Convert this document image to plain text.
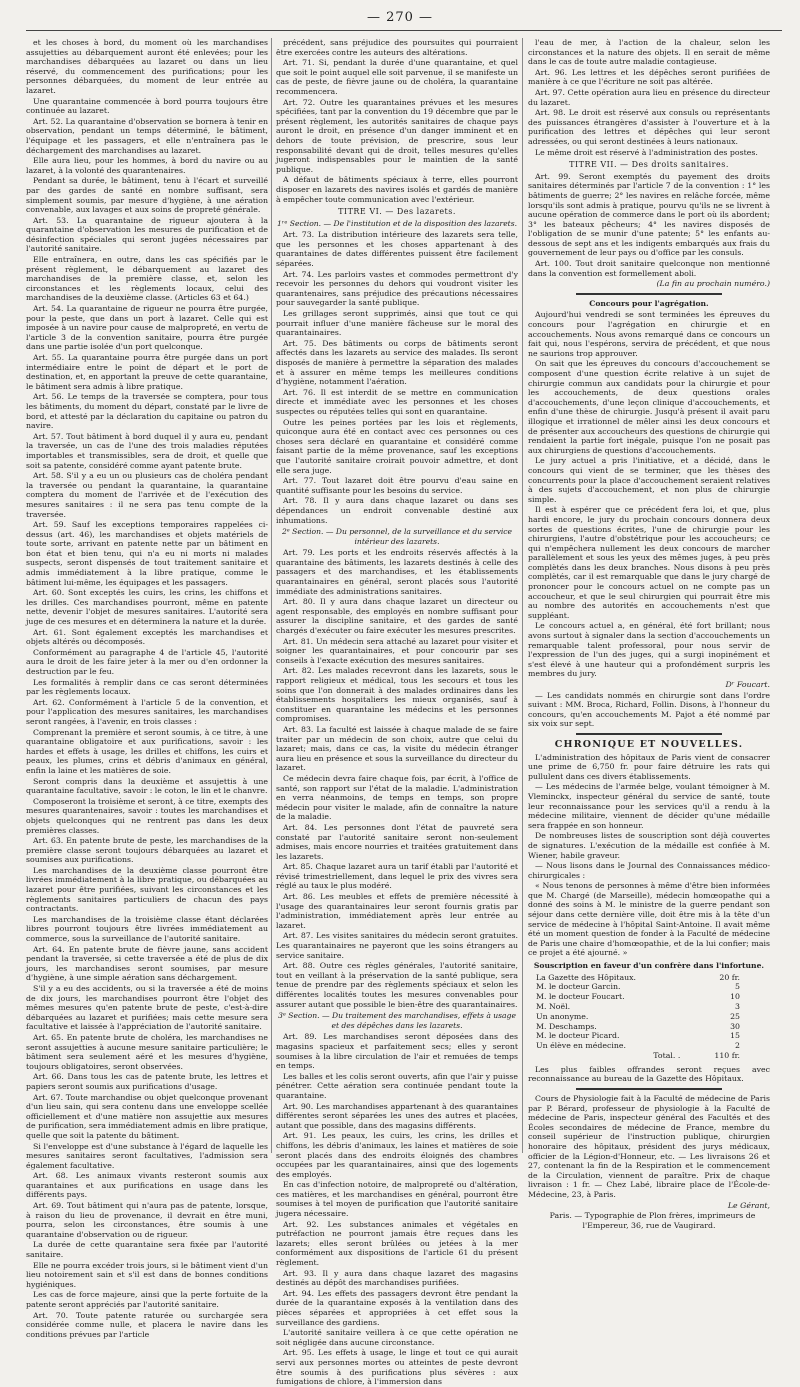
— 270 —

et les choses à bord, du moment où les marchandises assujetties au débarquement auront été enlevées; pour les marchandises débarquées au lazaret ou dans un lieu réservé, du commencement des purifications; pour les personnes débarquées, du moment de leur entrée au lazaret.

Une quarantaine commencée à bord pourra toujours être continuée au lazaret.

Art. 52. La quarantaine d'observation se bornera à tenir en observation, pendant un temps déterminé, le bâtiment, l'équipage et les passagers, et elle n'entraînera pas le déchargement des marchandises au lazaret.

Elle aura lieu, pour les hommes, à bord du navire ou au lazaret, à la volonté des quarantenaires.

Pendant sa durée, le bâtiment, tenu à l'écart et surveillé par des gardes de santé en nombre suffisant, sera simplement soumis, par mesure d'hygiène, à une aération convenable, aux lavages et aux soins de propreté générale.

Art. 53. La quarantaine de rigueur ajoutera à la quarantaine d'observation les mesures de purification et de désinfection spéciales qui seront jugées nécessaires par l'autorité sanitaire.

Elle entraînera, en outre, dans les cas spécifiés par le présent règlement, le débarquement au lazaret des marchandises de la première classe, et, selon les circonstances et les règlements locaux, celui des marchandises de la deuxième classe. (Articles 63 et 64.)

Art. 54. La quarantaine de rigueur ne pourra être purgée, pour la peste, que dans un port à lazaret. Celle qui est imposée à un navire pour cause de malpropreté, en vertu de l'article 3 de la convention sanitaire, pourra être purgée dans une partie isolée d'un port quelconque.

Art. 55. La quarantaine pourra être purgée dans un port intermédiaire entre le point de départ et le port de destination, et, en apportant la preuve de cette quarantaine, le bâtiment sera admis à libre pratique.

Art. 56. Le temps de la traversée se comptera, pour tous les bâtiments, du moment du départ, constaté par le livre de bord, et attesté par la déclaration du capitaine ou patron du navire.

Art. 57. Tout bâtiment à bord duquel il y aura eu, pendant la traversée, un cas de l'une des trois maladies réputées importables et transmissibles, sera de droit, et quelle que soit sa patente, considéré comme ayant patente brute.

Art. 58. S'il y a eu un ou plusieurs cas de choléra pendant la traversée ou pendant la quarantaine, la quarantaine comptera du moment de l'arrivée et de l'exécution des mesures sanitaires : il ne sera pas tenu compte de la traversée.

Art. 59. Sauf les exceptions temporaires rappelées ci-dessus (art. 46), les marchandises et objets matériels de toute sorte, arrivant en patente nette par un bâtiment en bon état et bien tenu, qui n'a eu ni morts ni malades suspects, seront dispensés de tout traitement sanitaire et admis immédiatement à la libre pratique, comme le bâtiment lui-même, les équipages et les passagers.

Art. 60. Sont exceptés les cuirs, les crins, les chiffons et les drilles. Ces marchandises pourront, même en patente nette, devenir l'objet de mesures sanitaires. L'autorité sera juge de ces mesures et en déterminera la nature et la durée.

Art. 61. Sont également exceptés les marchandises et objets altérés ou décomposés.

Conformément au paragraphe 4 de l'article 45, l'autorité aura le droit de les faire jeter à la mer ou d'en ordonner la destruction par le feu.

Les formalités à remplir dans ce cas seront déterminées par les règlements locaux.

Art. 62. Conformément à l'article 5 de la convention, et pour l'application des mesures sanitaires, les marchandises seront rangées, à l'avenir, en trois classes :

Comprenant la première et seront soumis, à ce titre, à une quarantaine obligatoire et aux purifications, savoir : les hardes et effets à usage, les drilles et chiffons, les cuirs et peaux, les plumes, crins et débris d'animaux en général, enfin la laine et les matières de soie.

Seront compris dans la deuxième et assujettis à une quarantaine facultative, savoir : le coton, le lin et le chanvre.

Composeront la troisième et seront, à ce titre, exempts des mesures quarantenaires, savoir : toutes les marchandises et objets quelconques qui ne rentrent pas dans les deux premières classes.

Art. 63. En patente brute de peste, les marchandises de la première classe seront toujours débarquées au lazaret et soumises aux purifications.

Les marchandises de la deuxième classe pourront être livrées immédiatement à la libre pratique, ou débarquées au lazaret pour être purifiées, suivant les circonstances et les règlements sanitaires particuliers de chacun des pays contractants.

Les marchandises de la troisième classe étant déclarées libres pourront toujours être livrées immédiatement au commerce, sous la surveillance de l'autorité sanitaire.

Art. 64. En patente brute de fièvre jaune, sans accident pendant la traversée, si cette traversée a été de plus de dix jours, les marchandises seront soumises, par mesure d'hygiène, à une simple aération sans déchargement.

S'il y a eu des accidents, ou si la traversée a été de moins de dix jours, les marchandises pourront être l'objet des mêmes mesures qu'en patente brute de peste, c'est-à-dire débarquées au lazaret et purifiées; mais cette mesure sera facultative et laissée à l'appréciation de l'autorité sanitaire.

Art. 65. En patente brute de choléra, les marchandises ne seront assujetties à aucune mesure sanitaire particulière; le bâtiment sera seulement aéré et les mesures d'hygiène, toujours obligatoires, seront observées.

Art. 66. Dans tous les cas de patente brute, les lettres et papiers seront soumis aux purifications d'usage.

Art. 67. Toute marchandise ou objet quelconque provenant d'un lieu sain, qui sera contenu dans une enveloppe scellée officiellement et d'une matière non assujettie aux mesures de purification, sera immédiatement admis en libre pratique, quelle que soit la patente du bâtiment.

Si l'enveloppe est d'une substance à l'égard de laquelle les mesures sanitaires seront facultatives, l'admission sera également facultative.

Art. 68. Les animaux vivants resteront soumis aux quarantaines et aux purifications en usage dans les différents pays.

Art. 69. Tout bâtiment qui n'aura pas de patente, lorsque, à raison du lieu de provenance, il devrait en être muni, pourra, selon les circonstances, être soumis à une quarantaine d'observation ou de rigueur.

La durée de cette quarantaine sera fixée par l'autorité sanitaire.

Elle ne pourra excéder trois jours, si le bâtiment vient d'un lieu notoirement sain et s'il est dans de bonnes conditions hygiéniques.

Les cas de force majeure, ainsi que la perte fortuite de la patente seront appréciés par l'autorité sanitaire.

Art. 70. Toute patente raturée ou surchargée sera considérée comme nulle, et placera le navire dans les conditions prévues par l'article

précédent, sans préjudice des poursuites qui pourraient être exercées contre les auteurs des altérations.

Art. 71. Si, pendant la durée d'une quarantaine, et quel que soit le point auquel elle soit parvenue, il se manifeste un cas de peste, de fièvre jaune ou de choléra, la quarantaine recommencera.

Art. 72. Outre les quarantaines prévues et les mesures spécifiées, tant par la convention du 19 décembre que par le présent règlement, les autorités sanitaires de chaque pays auront le droit, en présence d'un danger imminent et en dehors de toute prévision, de prescrire, sous leur responsabilité devant qui de droit, telles mesures qu'elles jugeront indispensables pour le maintien de la santé publique.

A défaut de bâtiments spéciaux à terre, elles pourront disposer en lazarets des navires isolés et gardés de manière à empêcher toute communication avec l'extérieur.

TITRE VI. — Des lazarets.
1ʳᵉ Section. — De l'institution et de la disposition des lazarets.

Art. 73. La distribution intérieure des lazarets sera telle, que les personnes et les choses appartenant à des quarantaines de dates différentes puissent être facilement séparées.

Art. 74. Les parloirs vastes et commodes permettront d'y recevoir les personnes du dehors qui voudront visiter les quarantenaires, sans préjudice des précautions nécessaires pour sauvegarder la santé publique.

Les grillages seront supprimés, ainsi que tout ce qui pourrait influer d'une manière fâcheuse sur le moral des quarantainaires.

Art. 75. Des bâtiments ou corps de bâtiments seront affectés dans les lazarets au service des malades. Ils seront disposés de manière à permettre la séparation des malades et à assurer en même temps les meilleures conditions d'hygiène, notamment l'aération.

Art. 76. Il est interdit de se mettre en communication directe et immédiate avec les personnes et les choses suspectes ou réputées telles qui sont en quarantaine.

Outre les peines portées par les lois et règlements, quiconque aura été en contact avec ces personnes ou ces choses sera déclaré en quarantaine et considéré comme faisant partie de la même provenance, sauf les exceptions que l'autorité sanitaire croirait pouvoir admettre, et dont elle sera juge.

Art. 77. Tout lazaret doit être pourvu d'eau saine en quantité suffisante pour les besoins du service.

Art. 78. Il y aura dans chaque lazaret ou dans ses dépendances un endroit convenable destiné aux inhumations.

2ᵉ Section. — Du personnel, de la surveillance et du service intérieur des lazarets.

Art. 79. Les ports et les endroits réservés affectés à la quarantaine des bâtiments, les lazarets destinés à celle des passagers et des marchandises, et les établissements quarantainaires en général, seront placés sous l'autorité immédiate des administrations sanitaires.

Art. 80. Il y aura dans chaque lazaret un directeur ou agent responsable, des employés en nombre suffisant pour assurer la discipline sanitaire, et des gardes de santé chargés d'exécuter ou faire exécuter les mesures prescrites.

Art. 81. Un médecin sera attaché au lazaret pour visiter et soigner les quarantainaires, et pour concourir par ses conseils à l'exacte exécution des mesures sanitaires.

Art. 82. Les malades recevront dans les lazarets, sous le rapport religieux et médical, tous les secours et tous les soins que l'on donnerait à des malades ordinaires dans les établissements hospitaliers les mieux organisés, sauf à constituer en quarantaine les médecins et les personnes compromises.

Art. 83. La faculté est laissée à chaque malade de se faire traiter par un médecin de son choix, autre que celui du lazaret; mais, dans ce cas, la visite du médecin étranger aura lieu en présence et sous la surveillance du directeur du lazaret.

Ce médecin devra faire chaque fois, par écrit, à l'office de santé, son rapport sur l'état de la maladie. L'administration en verra néanmoins, de temps en temps, son propre médecin pour visiter le malade, afin de connaître la nature de la maladie.

Art. 84. Les personnes dont l'état de pauvreté sera constaté par l'autorité sanitaire seront non-seulement admises, mais encore nourries et traitées gratuitement dans les lazarets.

Art. 85. Chaque lazaret aura un tarif établi par l'autorité et révisé trimestriellement, dans lequel le prix des vivres sera réglé au taux le plus modéré.

Art. 86. Les meubles et effets de première nécessité à l'usage des quarantainaires leur seront fournis gratis par l'administration, immédiatement après leur entrée au lazaret.

Art. 87. Les visites sanitaires du médecin seront gratuites. Les quarantainaires ne payeront que les soins étrangers au service sanitaire.

Art. 88. Outre ces règles générales, l'autorité sanitaire, tout en veillant à la préservation de la santé publique, sera tenue de prendre par des règlements spéciaux et selon les différentes localités toutes les mesures convenables pour assurer autant que possible le bien-être des quarantainaires.

3ᵉ Section. — Du traitement des marchandises, effets à usage et des dépêches dans les lazarets.

Art. 89. Les marchandises seront déposées dans des magasins spacieux et parfaitement secs; elles y seront soumises à la libre circulation de l'air et remuées de temps en temps.

Les balles et les colis seront ouverts, afin que l'air y puisse pénétrer. Cette aération sera continuée pendant toute la quarantaine.

Art. 90. Les marchandises appartenant à des quarantaines différentes seront séparées les unes des autres et placées, autant que possible, dans des magasins différents.

Art. 91. Les peaux, les cuirs, les crins, les drilles et chiffons, les débris d'animaux, les laines et matières de soie seront placés dans des endroits éloignés des chambres occupées par les quarantainaires, ainsi que des logements des employés.

En cas d'infection notoire, de malpropreté ou d'altération, ces matières, et les marchandises en général, pourront être soumises à tel moyen de purification que l'autorité sanitaire jugera nécessaire.

Art. 92. Les substances animales et végétales en putréfaction ne pourront jamais être reçues dans les lazarets; elles seront brûlées ou jetées à la mer conformément aux dispositions de l'article 61 du présent règlement.

Art. 93. Il y aura dans chaque lazaret des magasins destinés au dépôt des marchandises purifiées.

Art. 94. Les effets des passagers devront être pendant la durée de la quarantaine exposés à la ventilation dans des pièces séparées et appropriées à cet effet sous la surveillance des gardiens.

L'autorité sanitaire veillera à ce que cette opération ne soit négligée dans aucune circonstance.

Art. 95. Les effets à usage, le linge et tout ce qui aurait servi aux personnes mortes ou atteintes de peste devront être soumis à des purifications plus sévères : aux fumigations de chlore, à l'immersion dans

l'eau de mer, à l'action de la chaleur, selon les circonstances et la nature des objets. Il en serait de même dans le cas de toute autre maladie contagieuse.

Art. 96. Les lettres et les dépêches seront purifiées de manière à ce que l'écriture ne soit pas altérée.

Art. 97. Cette opération aura lieu en présence du directeur du lazaret.

Art. 98. Le droit est réservé aux consuls ou représentants des puissances étrangères d'assister à l'ouverture et à la purification des lettres et dépêches qui leur seront adressées, ou qui seront destinées à leurs nationaux.

Le même droit est réservé à l'administration des postes.

TITRE VII. — Des droits sanitaires.

Art. 99. Seront exemptés du payement des droits sanitaires déterminés par l'article 7 de la convention : 1° les bâtiments de guerre; 2° les navires en relâche forcée, même lorsqu'ils sont admis à pratique, pourvu qu'ils ne se livrent à aucune opération de commerce dans le port où ils abordent; 3° les bateaux pêcheurs; 4° les navires disposés de l'obligation de se munir d'une patente; 5° les enfants au-dessous de sept ans et les indigents embarqués aux frais du gouvernement de leur pays ou d'office par les consuls.

Art. 100. Tout droit sanitaire quelconque non mentionné dans la convention est formellement aboli.

(La fin au prochain numéro.)

Concours pour l'agrégation.

Aujourd'hui vendredi se sont terminées les épreuves du concours pour l'agrégation en chirurgie et en accouchements. Nous avons remarqué dans ce concours un fait qui, nous l'espérons, servira de précédent, et que nous ne saurions trop approuver.

On sait que les épreuves du concours d'accouchement se composent d'une question écrite relative à un sujet de chirurgie commun aux candidats pour la chirurgie et pour les accouchements, de deux questions orales d'accouchements, d'une leçon clinique d'accouchements, et enfin d'une thèse de chirurgie. Jusqu'à présent il avait paru illogique et irrationnel de mêler ainsi les deux concours et de présenter aux accoucheurs des questions de chirurgie qui rendaient la partie fort inégale, puisque l'on ne posait pas aux chirurgiens de questions d'accouchements.

Le jury actuel a pris l'initiative, et a décidé, dans le concours qui vient de se terminer, que les thèses des concurrents pour la place d'accouchement seraient relatives à des sujets d'accouchement, et non plus de chirurgie simple.

Il est à espérer que ce précédent fera loi, et que, plus hardi encore, le jury du prochain concours donnera deux sortes de questions écrites, l'une de chirurgie pour les chirurgiens, l'autre d'obstétrique pour les accoucheurs; ce qui n'empêchera nullement les deux concours de marcher parallèlement et sous les yeux des mêmes juges, à peu près complètés dans les deux branches. Nous disons à peu près complètés, car il est remarquable que dans le jury chargé de prononcer pour le concours actuel on ne compte pas un accoucheur, et que le seul chirurgien qui pourrait être mis au nombre des autorités en accouchements n'est que suppléant.

Le concours actuel a, en général, été fort brillant; nous avons surtout à signaler dans la section d'accouchements un remarquable talent professoral, pour nous servir de l'expression de l'un des juges, qui a surgi inopinément et s'est élevé à une hauteur qui a profondément surpris les membres du jury.

Dʳ Foucart.

— Les candidats nommés en chirurgie sont dans l'ordre suivant : MM. Broca, Richard, Follin. Disons, à l'honneur du concours, qu'en accouchements M. Pajot a été nommé par six voix sur sept.

CHRONIQUE ET NOUVELLES.

L'administration des hôpitaux de Paris vient de consacrer une prime de 6,750 fr. pour faire détruire les rats qui pullulent dans ces divers établissements.

— Les médecins de l'armée belge, voulant témoigner à M. Vleminckx, inspecteur général du service de santé, toute leur reconnaissance pour les services qu'il a rendu à la médecine militaire, viennent de décider qu'une médaille sera frappée en son honneur.

De nombreuses listes de souscription sont déjà couvertes de signatures. L'exécution de la médaille est confiée à M. Wiener, habile graveur.

— Nous lisons dans le Journal des Connaissances médico-chirurgicales :

« Nous tenons de personnes à même d'être bien informées que M. Chargé (de Marseille), médecin homœopathe qui a donné des soins à M. le ministre de la guerre pendant son séjour dans cette dernière ville, doit être mis à la tête d'un service de médecine à l'hôpital Saint-Antoine. Il avait même été un moment question de fonder à la Faculté de médecine de Paris une chaire d'homœopathie, et de la lui confier; mais ce projet a été ajourné. »

Souscription en faveur d'un confrère dans l'infortune.
La Gazette des Hôpitaux.	20 fr.
M. le docteur Garcin.	5
M. le docteur Foucart.	10
M. Noël.	3
Un anonyme.	25
M. Deschamps.	30
M. le docteur Picard.	15
Un élève en médecine.	2
Total. .	110 fr.

Les plus faibles offrandes seront reçues avec reconnaissance au bureau de la Gazette des Hôpitaux.

Cours de Physiologie fait à la Faculté de médecine de Paris par P. Bérard, professeur de physiologie à la Faculté de médecine de Paris, inspecteur général des Facultés et des Écoles secondaires de médecine de France, membre du conseil supérieur de l'instruction publique, chirurgien honoraire des hôpitaux, président des jurys médicaux, officier de la Légion-d'Honneur, etc. — Les livraisons 26 et 27, contenant la fin de la Respiration et le commencement de la Circulation, viennent de paraître. Prix de chaque livraison : 1 fr. — Chez Labé, libraire place de l'École-de-Médecine, 23, à Paris.

Le Gérant,

Paris. — Typographie de Plon frères, imprimeurs de l'Empereur, 36, rue de Vaugirard.
